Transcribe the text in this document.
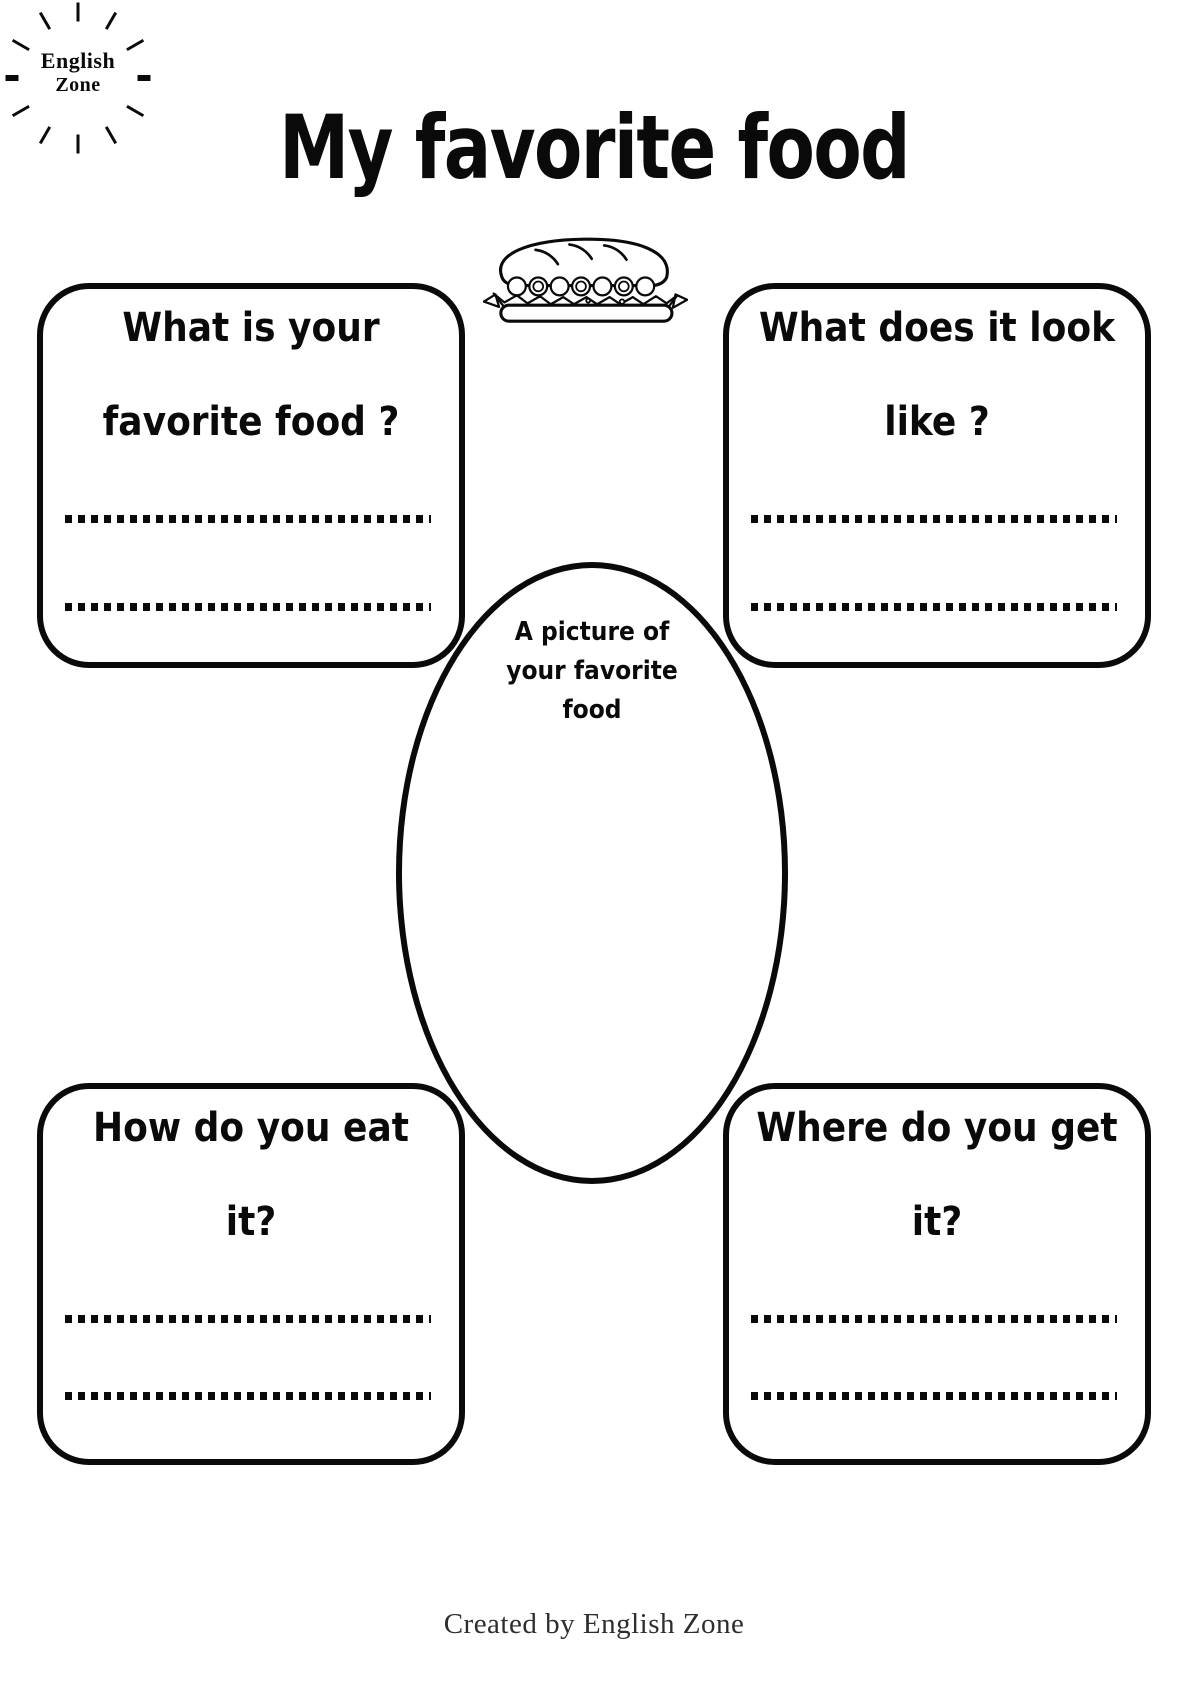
English
Zone
My favorite food
What is your
favorite food ?
What does it look
like ?
How do you eat
it?
Where do you get
it?
A picture of
your favorite
food
Created by English Zone
